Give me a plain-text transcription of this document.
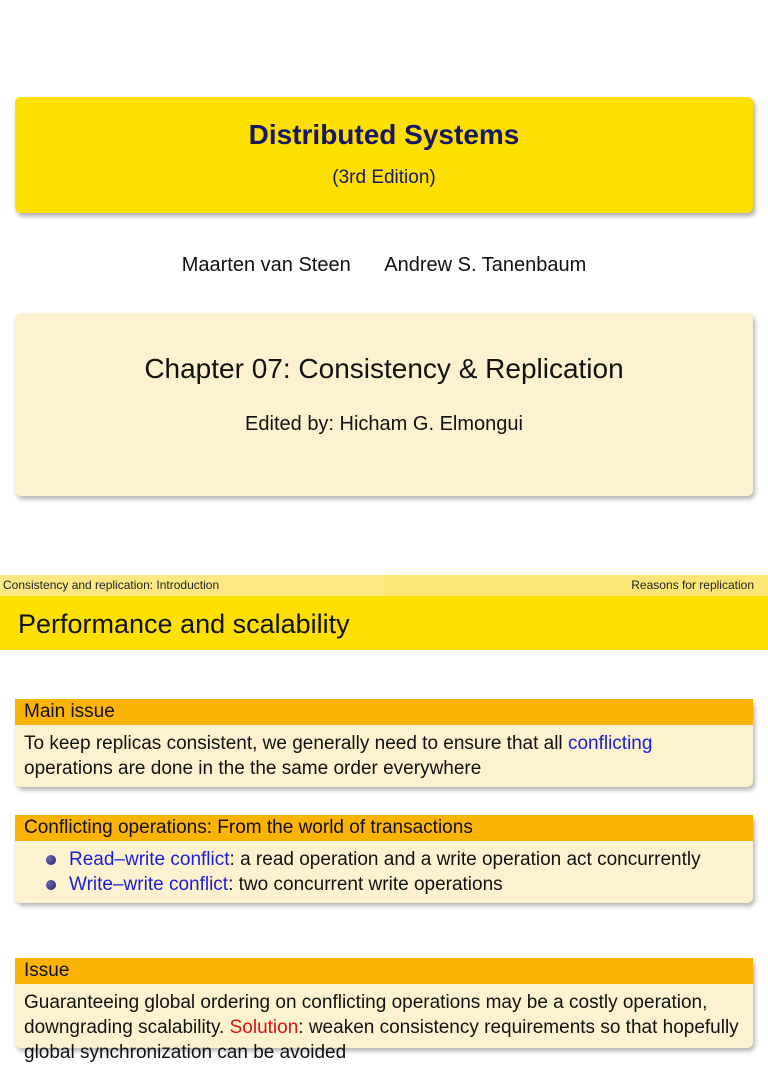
Distributed Systems
(3rd Edition)
Maarten van Steen Andrew S. Tanenbaum
Chapter 07: Consistency & Replication
Edited by: Hicham G. Elmongui
Consistency and replication: Introduction	Reasons for replication
Performance and scalability
Main issue
To keep replicas consistent, we generally need to ensure that all conflicting operations are done in the the same order everywhere
Conflicting operations: From the world of transactions
Read–write conflict: a read operation and a write operation act concurrently
Write–write conflict: two concurrent write operations
Issue
Guaranteeing global ordering on conflicting operations may be a costly operation, downgrading scalability. Solution: weaken consistency requirements so that hopefully global synchronization can be avoided
